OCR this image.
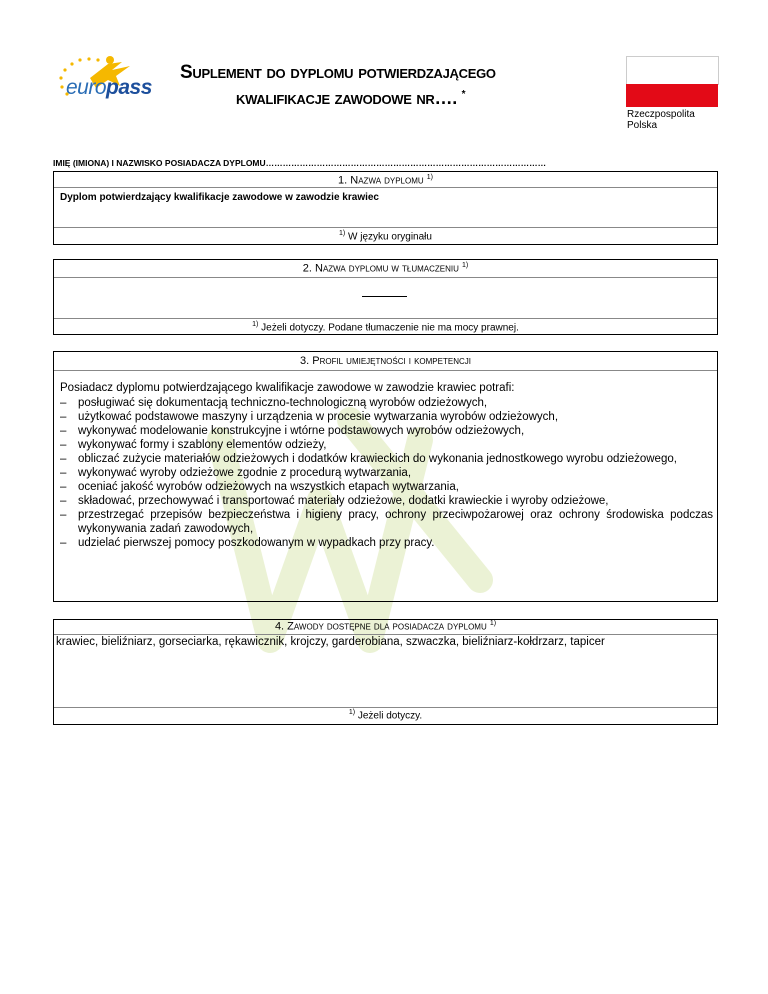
europass
Suplement do dyplomu potwierdzającego
kwalifikacje zawodowe nr…. *
Rzeczpospolita
Polska
IMIĘ (IMIONA) I NAZWISKO POSIADACZA DYPLOMU………………………………………………………………………………………
1. Nazwa dyplomu $^{1)}$
Dyplom potwierdzający kwalifikacje zawodowe w zawodzie krawiec
$^{1)}$ W języku oryginału
2. Nazwa dyplomu w tłumaczeniu $^{1)}$
$^{1)}$ Jeżeli dotyczy. Podane tłumaczenie nie ma mocy prawnej.
3. Profil umiejętności i kompetencji
Posiadacz dyplomu potwierdzającego kwalifikacje zawodowe w zawodzie krawiec potrafi:
– posługiwać się dokumentacją techniczno-technologiczną wyrobów odzieżowych,
– użytkować podstawowe maszyny i urządzenia w procesie wytwarzania wyrobów odzieżowych,
– wykonywać modelowanie konstrukcyjne i wtórne podstawowych wyrobów odzieżowych,
– wykonywać formy i szablony elementów odzieży,
– obliczać zużycie materiałów odzieżowych i dodatków krawieckich do wykonania jednostkowego wyrobu odzieżowego,
– wykonywać wyroby odzieżowe zgodnie z procedurą wytwarzania,
– oceniać jakość wyrobów odzieżowych na wszystkich etapach wytwarzania,
– składować, przechowywać i transportować materiały odzieżowe, dodatki krawieckie i wyroby odzieżowe,
– przestrzegać przepisów bezpieczeństwa i higieny pracy, ochrony przeciwpożarowej oraz ochrony środowiska podczas wykonywania zadań zawodowych,
– udzielać pierwszej pomocy poszkodowanym w wypadkach przy pracy.
4. Zawody dostępne dla posiadacza dyplomu $^{1)}$
krawiec, bieliźniarz, gorseciarka, rękawicznik, krojczy, garderobiana, szwaczka, bieliźniarz-kołdrzarz, tapicer
$^{1)}$ Jeżeli dotyczy.
